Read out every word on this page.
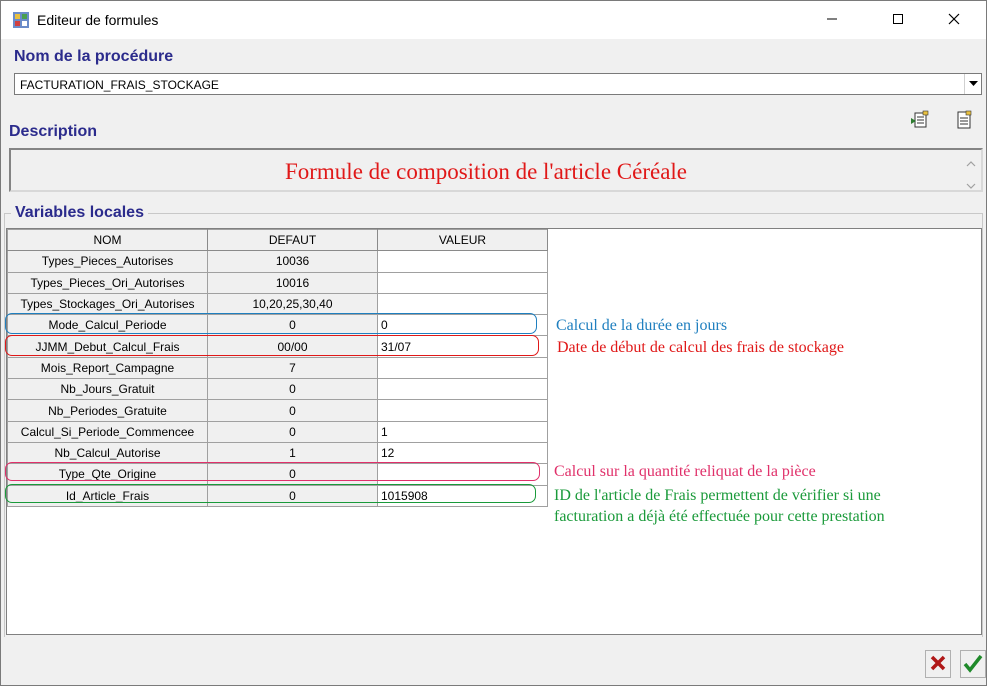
Editeur de formules
Nom de la procédure
FACTURATION_FRAIS_STOCKAGE
Description
Formule de composition de l'article Céréale
Variables locales
NOM	DEFAUT	VALEUR
Types_Pieces_Autorises	10036	
Types_Pieces_Ori_Autorises	10016	
Types_Stockages_Ori_Autorises	10,20,25,30,40	
Mode_Calcul_Periode	0	0
JJMM_Debut_Calcul_Frais	00/00	31/07
Mois_Report_Campagne	7	
Nb_Jours_Gratuit	0	
Nb_Periodes_Gratuite	0	
Calcul_Si_Periode_Commencee	0	1
Nb_Calcul_Autorise	1	12
Type_Qte_Origine	0	
Id_Article_Frais	0	1015908
Calcul de la durée en jours
Date de début de calcul des frais de stockage
Calcul sur la quantité reliquat de la pièce
ID de l'article de Frais permettent de vérifier si une
facturation a déjà été effectuée pour cette prestation
